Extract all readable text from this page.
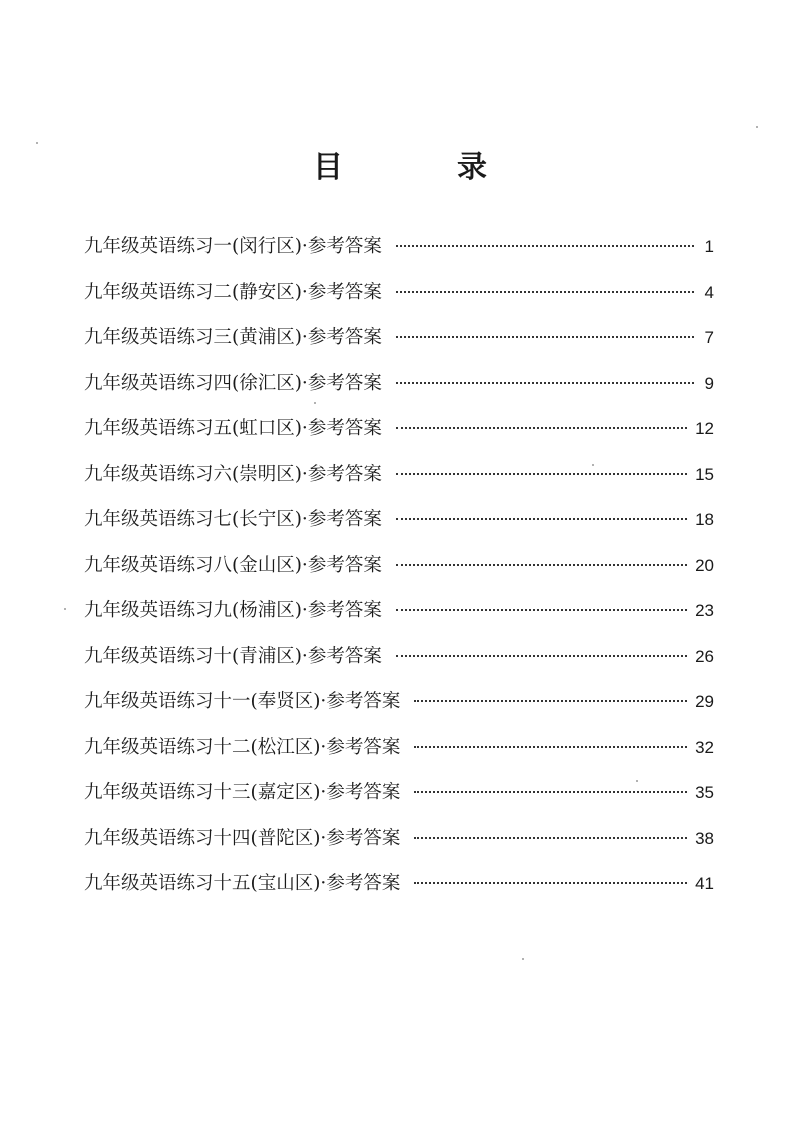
目　录
九年级英语练习一(闵行区)·参考答案	1
九年级英语练习二(静安区)·参考答案	4
九年级英语练习三(黄浦区)·参考答案	7
九年级英语练习四(徐汇区)·参考答案	9
九年级英语练习五(虹口区)·参考答案	12
九年级英语练习六(崇明区)·参考答案	15
九年级英语练习七(长宁区)·参考答案	18
九年级英语练习八(金山区)·参考答案	20
九年级英语练习九(杨浦区)·参考答案	23
九年级英语练习十(青浦区)·参考答案	26
九年级英语练习十一(奉贤区)·参考答案	29
九年级英语练习十二(松江区)·参考答案	32
九年级英语练习十三(嘉定区)·参考答案	35
九年级英语练习十四(普陀区)·参考答案	38
九年级英语练习十五(宝山区)·参考答案	41
